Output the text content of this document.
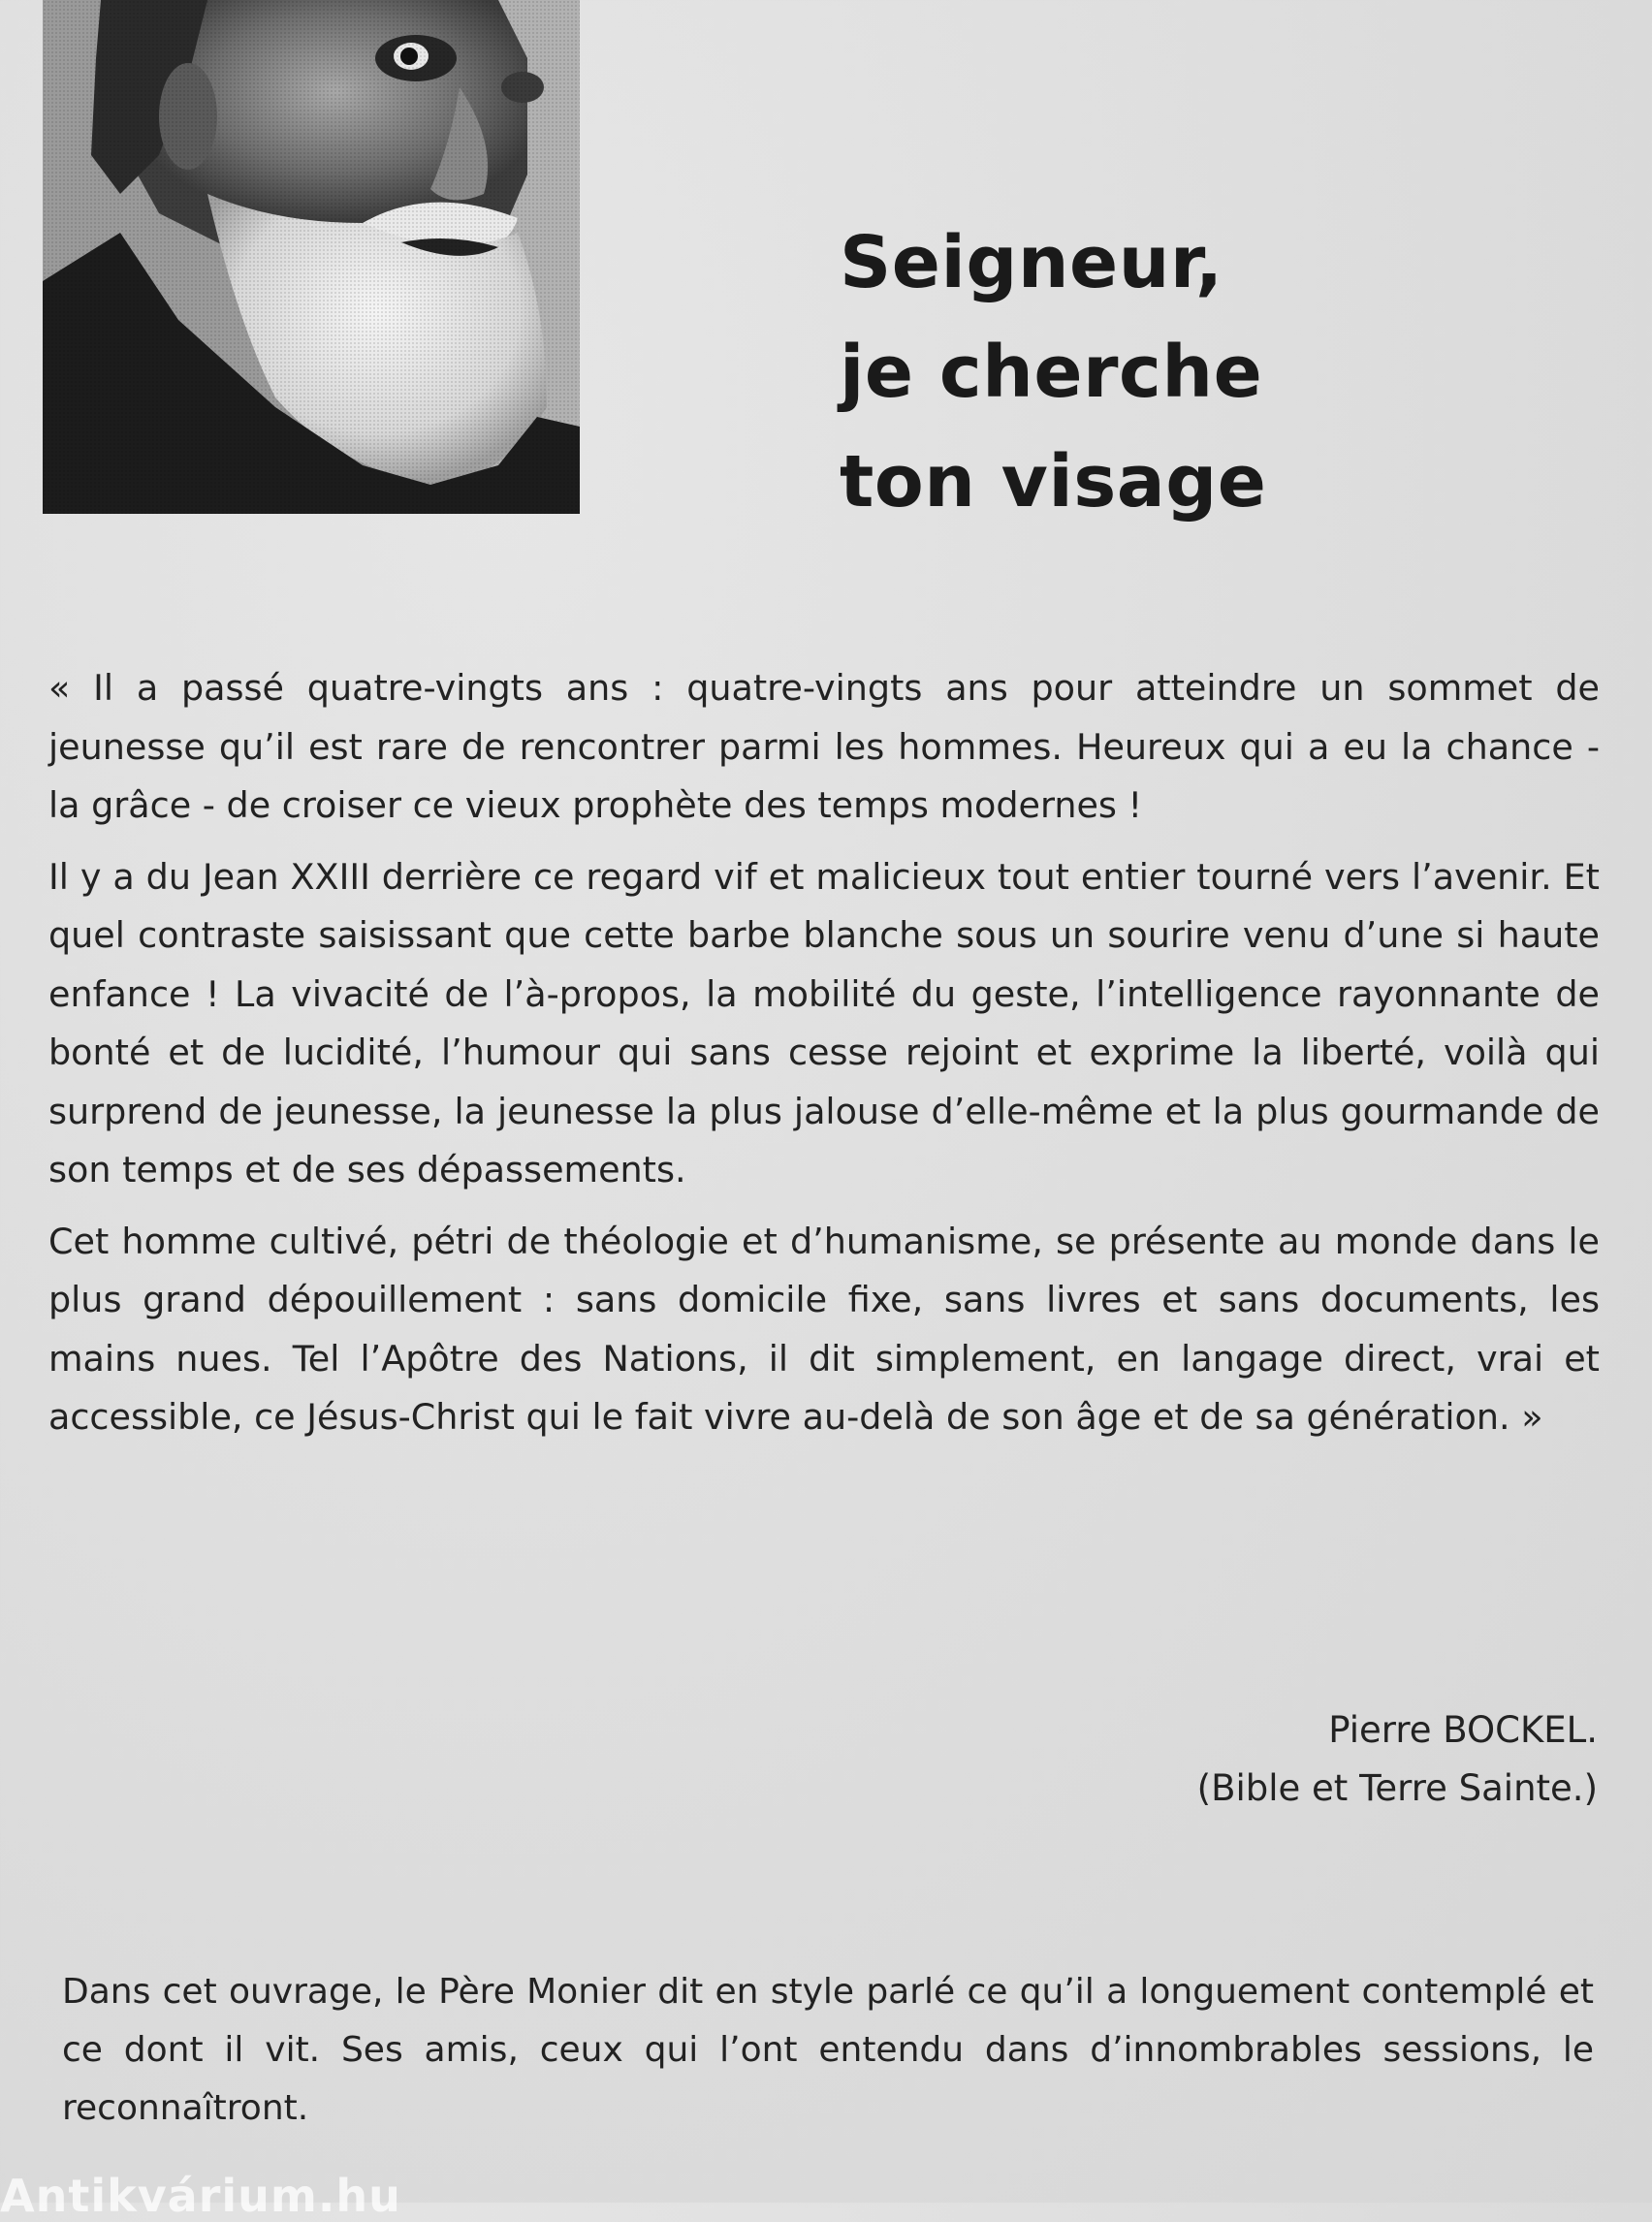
Seigneur,
je cherche
ton visage

« Il a passé quatre-vingts ans : quatre-vingts ans pour atteindre un sommet de jeunesse qu’il est rare de rencontrer parmi les hommes. Heureux qui a eu la chance - la grâce - de croiser ce vieux prophète des temps modernes !

Il y a du Jean XXIII derrière ce regard vif et malicieux tout entier tourné vers l’avenir. Et quel contraste saisissant que cette barbe blanche sous un sourire venu d’une si haute enfance ! La vivacité de l’à-propos, la mobilité du geste, l’intelligence rayonnante de bonté et de lucidité, l’humour qui sans cesse rejoint et exprime la liberté, voilà qui surprend de jeunesse, la jeunesse la plus jalouse d’elle-même et la plus gourmande de son temps et de ses dépassements.

Cet homme cultivé, pétri de théologie et d’humanisme, se présente au monde dans le plus grand dépouillement : sans domicile fixe, sans livres et sans documents, les mains nues. Tel l’Apôtre des Nations, il dit simplement, en langage direct, vrai et accessible, ce Jésus-Christ qui le fait vivre au-delà de son âge et de sa génération. »

Pierre BOCKEL.
(Bible et Terre Sainte.)

Dans cet ouvrage, le Père Monier dit en style parlé ce qu’il a longuement contemplé et ce dont il vit. Ses amis, ceux qui l’ont entendu dans d’innombrables sessions, le reconnaîtront.

Antikvárium.hu
